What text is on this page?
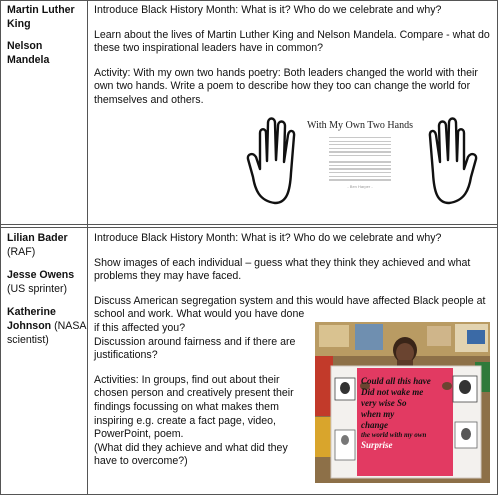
Martin Luther King
Nelson Mandela
Introduce Black History Month: What is it? Who do we celebrate and why?
Learn about the lives of Martin Luther King and Nelson Mandela. Compare - what do
these two inspirational leaders have in common?
Activity: With my own two hands poetry: Both leaders changed the world with their
own two hands. Write a poem to describe how they too can change the world for
themselves and others.
With My Own Two Hands
- Ben Harper -
Lilian Bader
(RAF)
Jesse Owens
(US sprinter)
Katherine Johnson (NASA scientist)
Introduce Black History Month: What is it? Who do we celebrate and why?
Show images of each individual – guess what they think they achieved and what
problems they may have faced.
Discuss American segregation system and this would have affected Black people at
school and work. What would you have done
if this affected you?
Discussion around fairness and if there are
justifications?
Activities: In groups, find out about their
chosen person and creatively present their
findings focussing on what makes them
inspiring e.g. create a fact page, video,
PowerPoint, poem.
(What did they achieve and what did they
have to overcome?)
Could all this have
Did not wake me
very wise So
when my
change
the world with my own
Surprise
